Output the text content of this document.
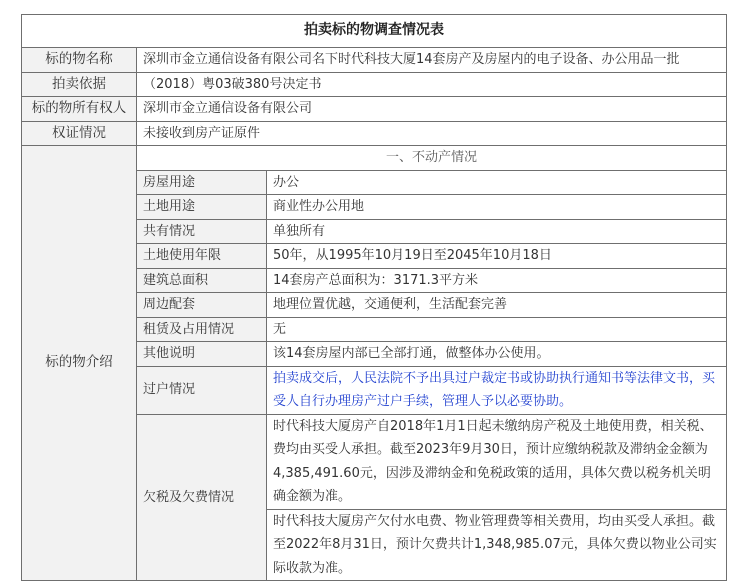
拍卖标的物调查情况表		
标的物名称	深圳市金立通信设备有限公司名下时代科技大厦14套房产及房屋内的电子设备、办公用品一批	
拍卖依据	（2018）粤03破380号决定书	
标的物所有权人	深圳市金立通信设备有限公司	
权证情况	未接收到房产证原件	
标的物介绍	一、不动产情况	
	房屋用途	办公
	土地用途	商业性办公用地
	共有情况	单独所有
	土地使用年限	50年，从1995年10月19日至2045年10月18日
	建筑总面积	14套房产总面积为：3171.3平方米
	周边配套	地理位置优越，交通便利，生活配套完善
	租赁及占用情况	无
	其他说明	该14套房屋内部已全部打通，做整体办公使用。
	过户情况	拍卖成交后，人民法院不予出具过户裁定书或协助执行通知书等法律文书，买受人自行办理房产过户手续，管理人予以必要协助。
	欠税及欠费情况	时代科技大厦房产自2018年1月1日起未缴纳房产税及土地使用费，相关税、费均由买受人承担。截至2023年9月30日，预计应缴纳税款及滞纳金金额为4,385,491.60元，因涉及滞纳金和免税政策的适用，具体欠费以税务机关明确金额为准。
		时代科技大厦房产欠付水电费、物业管理费等相关费用，均由买受人承担。截至2022年8月31日，预计欠费共计1,348,985.07元，具体欠费以物业公司实际收款为准。
